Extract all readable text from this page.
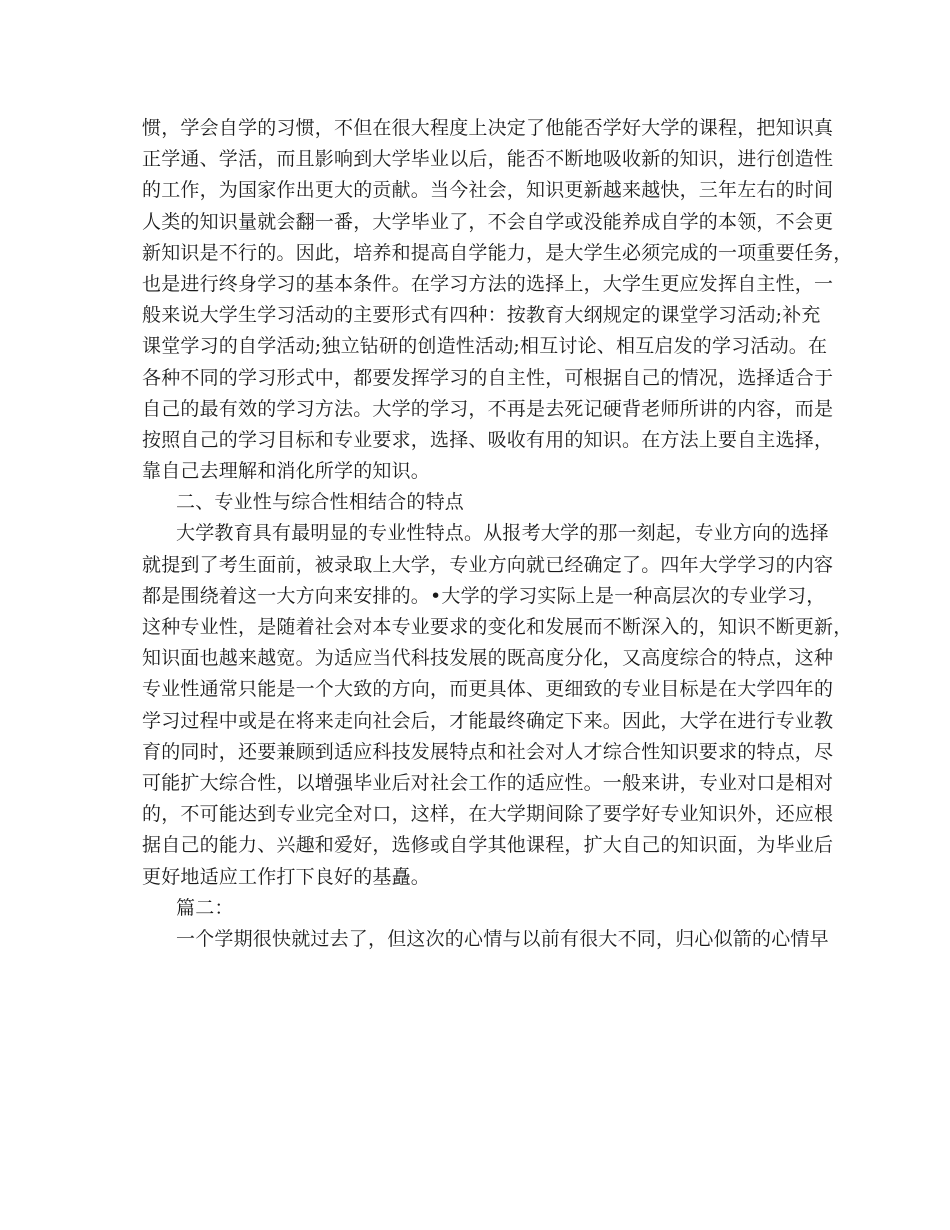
惯，学会自学的习惯，不但在很大程度上决定了他能否学好大学的课程，把知识真
正学通、学活，而且影响到大学毕业以后，能否不断地吸收新的知识，进行创造性
的工作，为国家作出更大的贡献。当今社会，知识更新越来越快，三年左右的时间
人类的知识量就会翻一番，大学毕业了，不会自学或没能养成自学的本领，不会更
新知识是不行的。因此，培养和提高自学能力，是大学生必须完成的一项重要任务，
也是进行终身学习的基本条件。在学习方法的选择上，大学生更应发挥自主性，一
般来说大学生学习活动的主要形式有四种：按教育大纲规定的课堂学习活动;补充
课堂学习的自学活动;独立钻研的创造性活动;相互讨论、相互启发的学习活动。在
各种不同的学习形式中，都要发挥学习的自主性，可根据自己的情况，选择适合于
自己的最有效的学习方法。大学的学习，不再是去死记硬背老师所讲的内容，而是
按照自己的学习目标和专业要求，选择、吸收有用的知识。在方法上要自主选择，
靠自己去理解和消化所学的知识。
二、专业性与综合性相结合的特点
大学教育具有最明显的专业性特点。从报考大学的那一刻起，专业方向的选择
就提到了考生面前，被录取上大学，专业方向就已经确定了。四年大学学习的内容
都是围绕着这一大方向来安排的。•大学的学习实际上是一种高层次的专业学习，
这种专业性，是随着社会对本专业要求的变化和发展而不断深入的，知识不断更新，
知识面也越来越宽。为适应当代科技发展的既高度分化，又高度综合的特点，这种
专业性通常只能是一个大致的方向，而更具体、更细致的专业目标是在大学四年的
学习过程中或是在将来走向社会后，才能最终确定下来。因此，大学在进行专业教
育的同时，还要兼顾到适应科技发展特点和社会对人才综合性知识要求的特点，尽
可能扩大综合性，以增强毕业后对社会工作的适应性。一般来讲，专业对口是相对
的，不可能达到专业完全对口，这样，在大学期间除了要学好专业知识外，还应根
据自己的能力、兴趣和爱好，选修或自学其他课程，扩大自己的知识面，为毕业后
更好地适应工作打下良好的基矗。
篇二：
一个学期很快就过去了，但这次的心情与以前有很大不同，归心似箭的心情早
